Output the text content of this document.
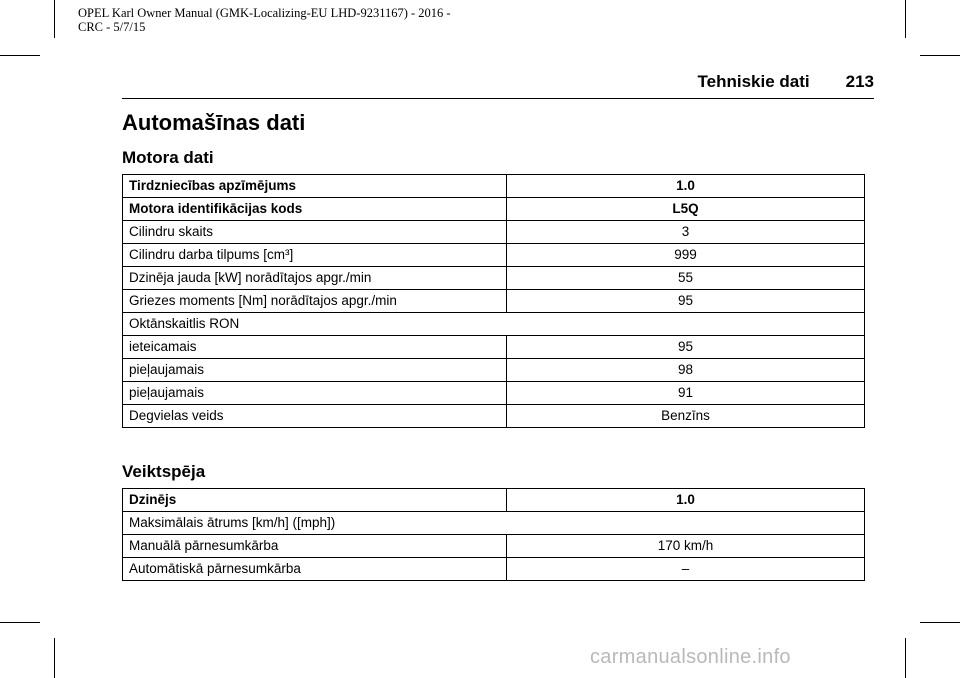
OPEL Karl Owner Manual (GMK-Localizing-EU LHD-9231167) - 2016 -
CRC - 5/7/15
Tehniskie dati 213
Automašīnas dati
Motora dati
Tirdzniecības apzīmējums	1.0
Motora identifikācijas kods	L5Q
Cilindru skaits	3
Cilindru darba tilpums [cm³]	999
Dzinēja jauda [kW] norādītajos apgr./min	55
Griezes moments [Nm] norādītajos apgr./min	95
Oktānskaitlis RON	
ieteicamais	95
pieļaujamais	98
pieļaujamais	91
Degvielas veids	Benzīns
Veiktspēja
Dzinējs	1.0
Maksimālais ātrums [km/h] ([mph])	
Manuālā pārnesumkārba	170 km/h
Automātiskā pārnesumkārba	–
carmanualsonline.info
